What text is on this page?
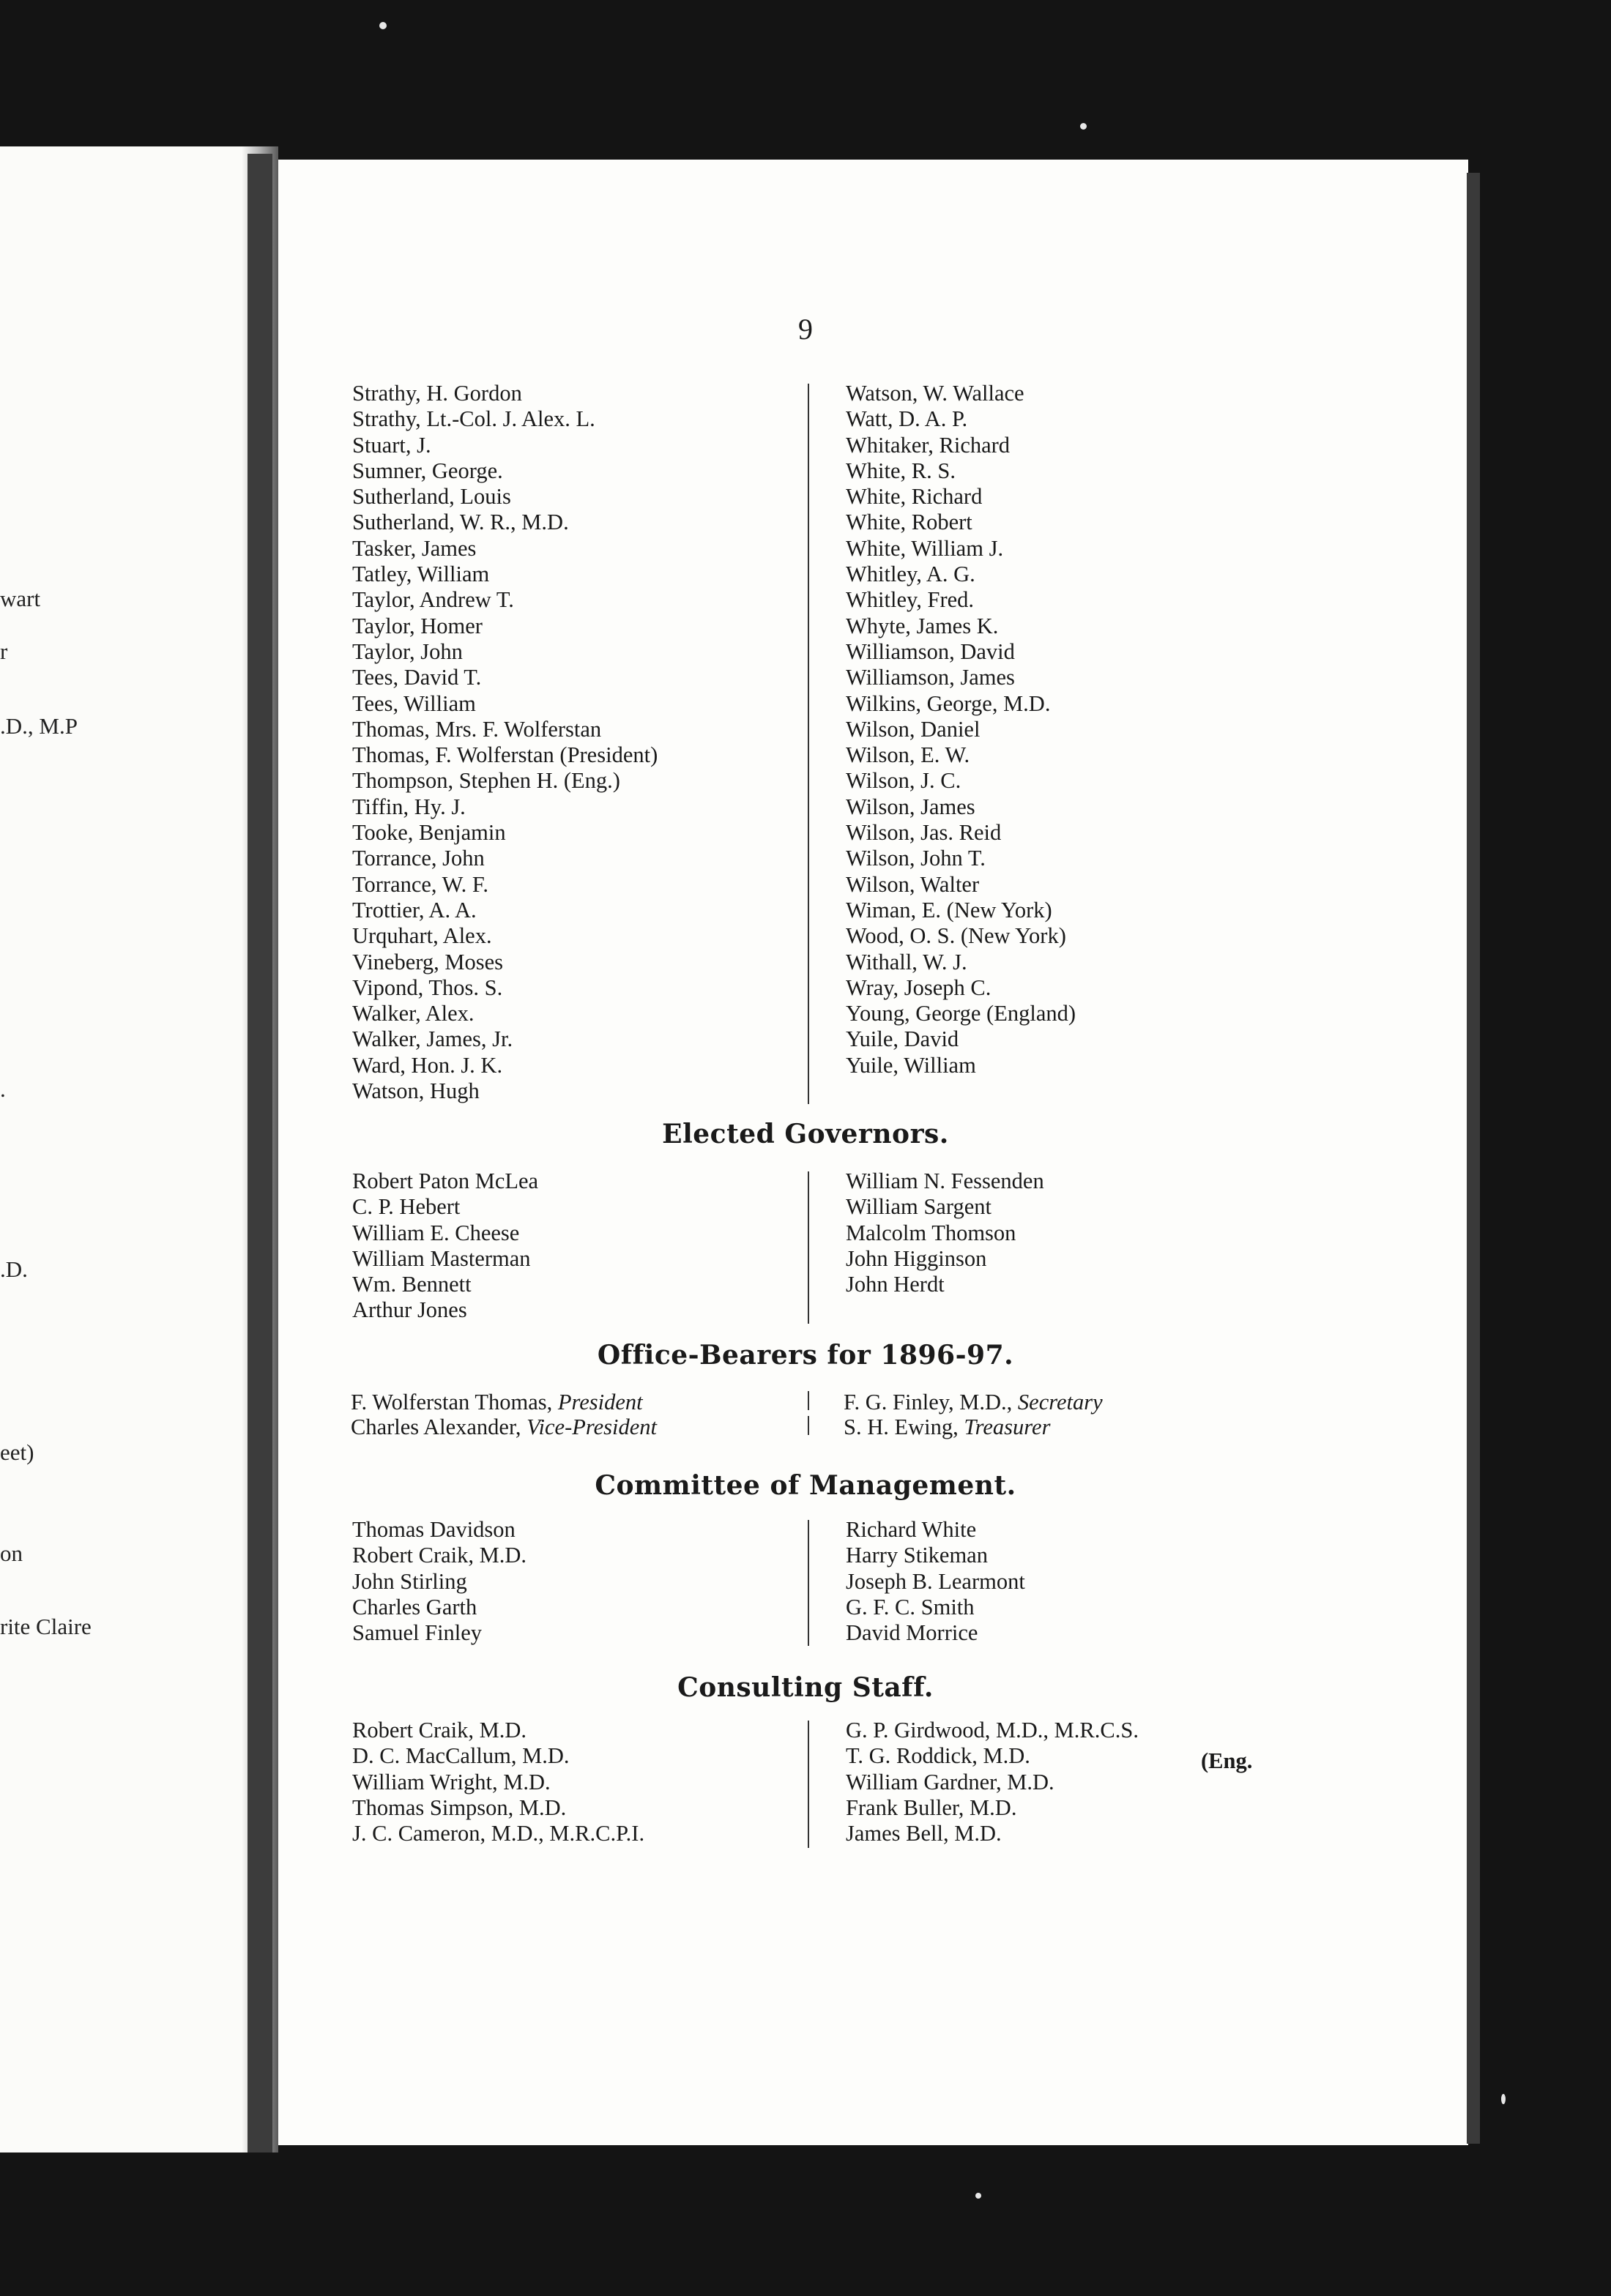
wart
r
.D., M.P
.
.D.
eet)
on
rite Claire
9
Strathy, H. Gordon
Strathy, Lt.-Col. J. Alex. L.
Stuart, J.
Sumner, George.
Sutherland, Louis
Sutherland, W. R., M.D.
Tasker, James
Tatley, William
Taylor, Andrew T.
Taylor, Homer
Taylor, John
Tees, David T.
Tees, William
Thomas, Mrs. F. Wolferstan
Thomas, F. Wolferstan (President)
Thompson, Stephen H. (Eng.)
Tiffin, Hy. J.
Tooke, Benjamin
Torrance, John
Torrance, W. F.
Trottier, A. A.
Urquhart, Alex.
Vineberg, Moses
Vipond, Thos. S.
Walker, Alex.
Walker, James, Jr.
Ward, Hon. J. K.
Watson, Hugh
Watson, W. Wallace
Watt, D. A. P.
Whitaker, Richard
White, R. S.
White, Richard
White, Robert
White, William J.
Whitley, A. G.
Whitley, Fred.
Whyte, James K.
Williamson, David
Williamson, James
Wilkins, George, M.D.
Wilson, Daniel
Wilson, E. W.
Wilson, J. C.
Wilson, James
Wilson, Jas. Reid
Wilson, John T.
Wilson, Walter
Wiman, E. (New York)
Wood, O. S. (New York)
Withall, W. J.
Wray, Joseph C.
Young, George (England)
Yuile, David
Yuile, William
Elected Governors.
Robert Paton McLea
C. P. Hebert
William E. Cheese
William Masterman
Wm. Bennett
Arthur Jones
William N. Fessenden
William Sargent
Malcolm Thomson
John Higginson
John Herdt
Office-Bearers for 1896-97.
F. Wolferstan Thomas, President	F. G. Finley, M.D., Secretary
Charles Alexander, Vice-President	S. H. Ewing, Treasurer
Committee of Management.
Thomas Davidson
Robert Craik, M.D.
John Stirling
Charles Garth
Samuel Finley
Richard White
Harry Stikeman
Joseph B. Learmont
G. F. C. Smith
David Morrice
Consulting Staff.
Robert Craik, M.D.
D. C. MacCallum, M.D.
William Wright, M.D.
Thomas Simpson, M.D.
J. C. Cameron, M.D., M.R.C.P.I.
G. P. Girdwood, M.D., M.R.C.S.
T. G. Roddick, M.D.
William Gardner, M.D.
Frank Buller, M.D.
James Bell, M.D.
(Eng.
